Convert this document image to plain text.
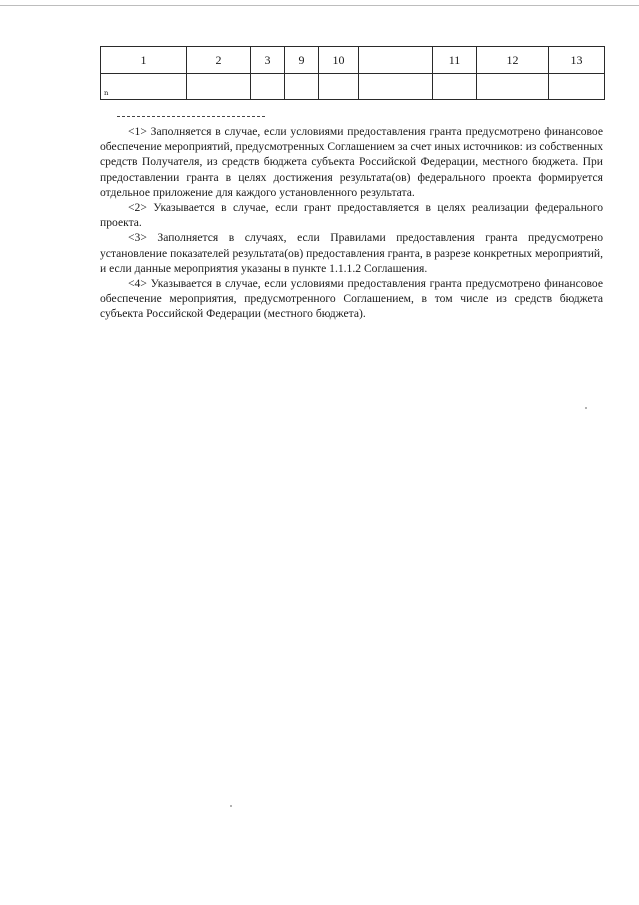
1	2	3	9	10		11	12	13

ₙ								

<1> Заполняется в случае, если условиями предоставления гранта предусмотрено финансовое обеспечение мероприятий, предусмотренных Соглашением за счет иных источников: из собственных средств Получателя, из средств бюджета субъекта Российской Федерации, местного бюджета. При предоставлении гранта в целях достижения результата(ов) федерального проекта формируется отдельное приложение для каждого установленного результата.

<2> Указывается в случае, если грант предоставляется в целях реализации федерального проекта.

<3> Заполняется в случаях, если Правилами предоставления гранта предусмотрено установление показателей результата(ов) предоставления гранта, в разрезе конкретных мероприятий, и если данные мероприятия указаны в пункте 1.1.1.2 Соглашения.

<4> Указывается в случае, если условиями предоставления гранта предусмотрено финансовое обеспечение мероприятия, предусмотренного Соглашением, в том числе из средств бюджета субъекта Российской Федерации (местного бюджета).
